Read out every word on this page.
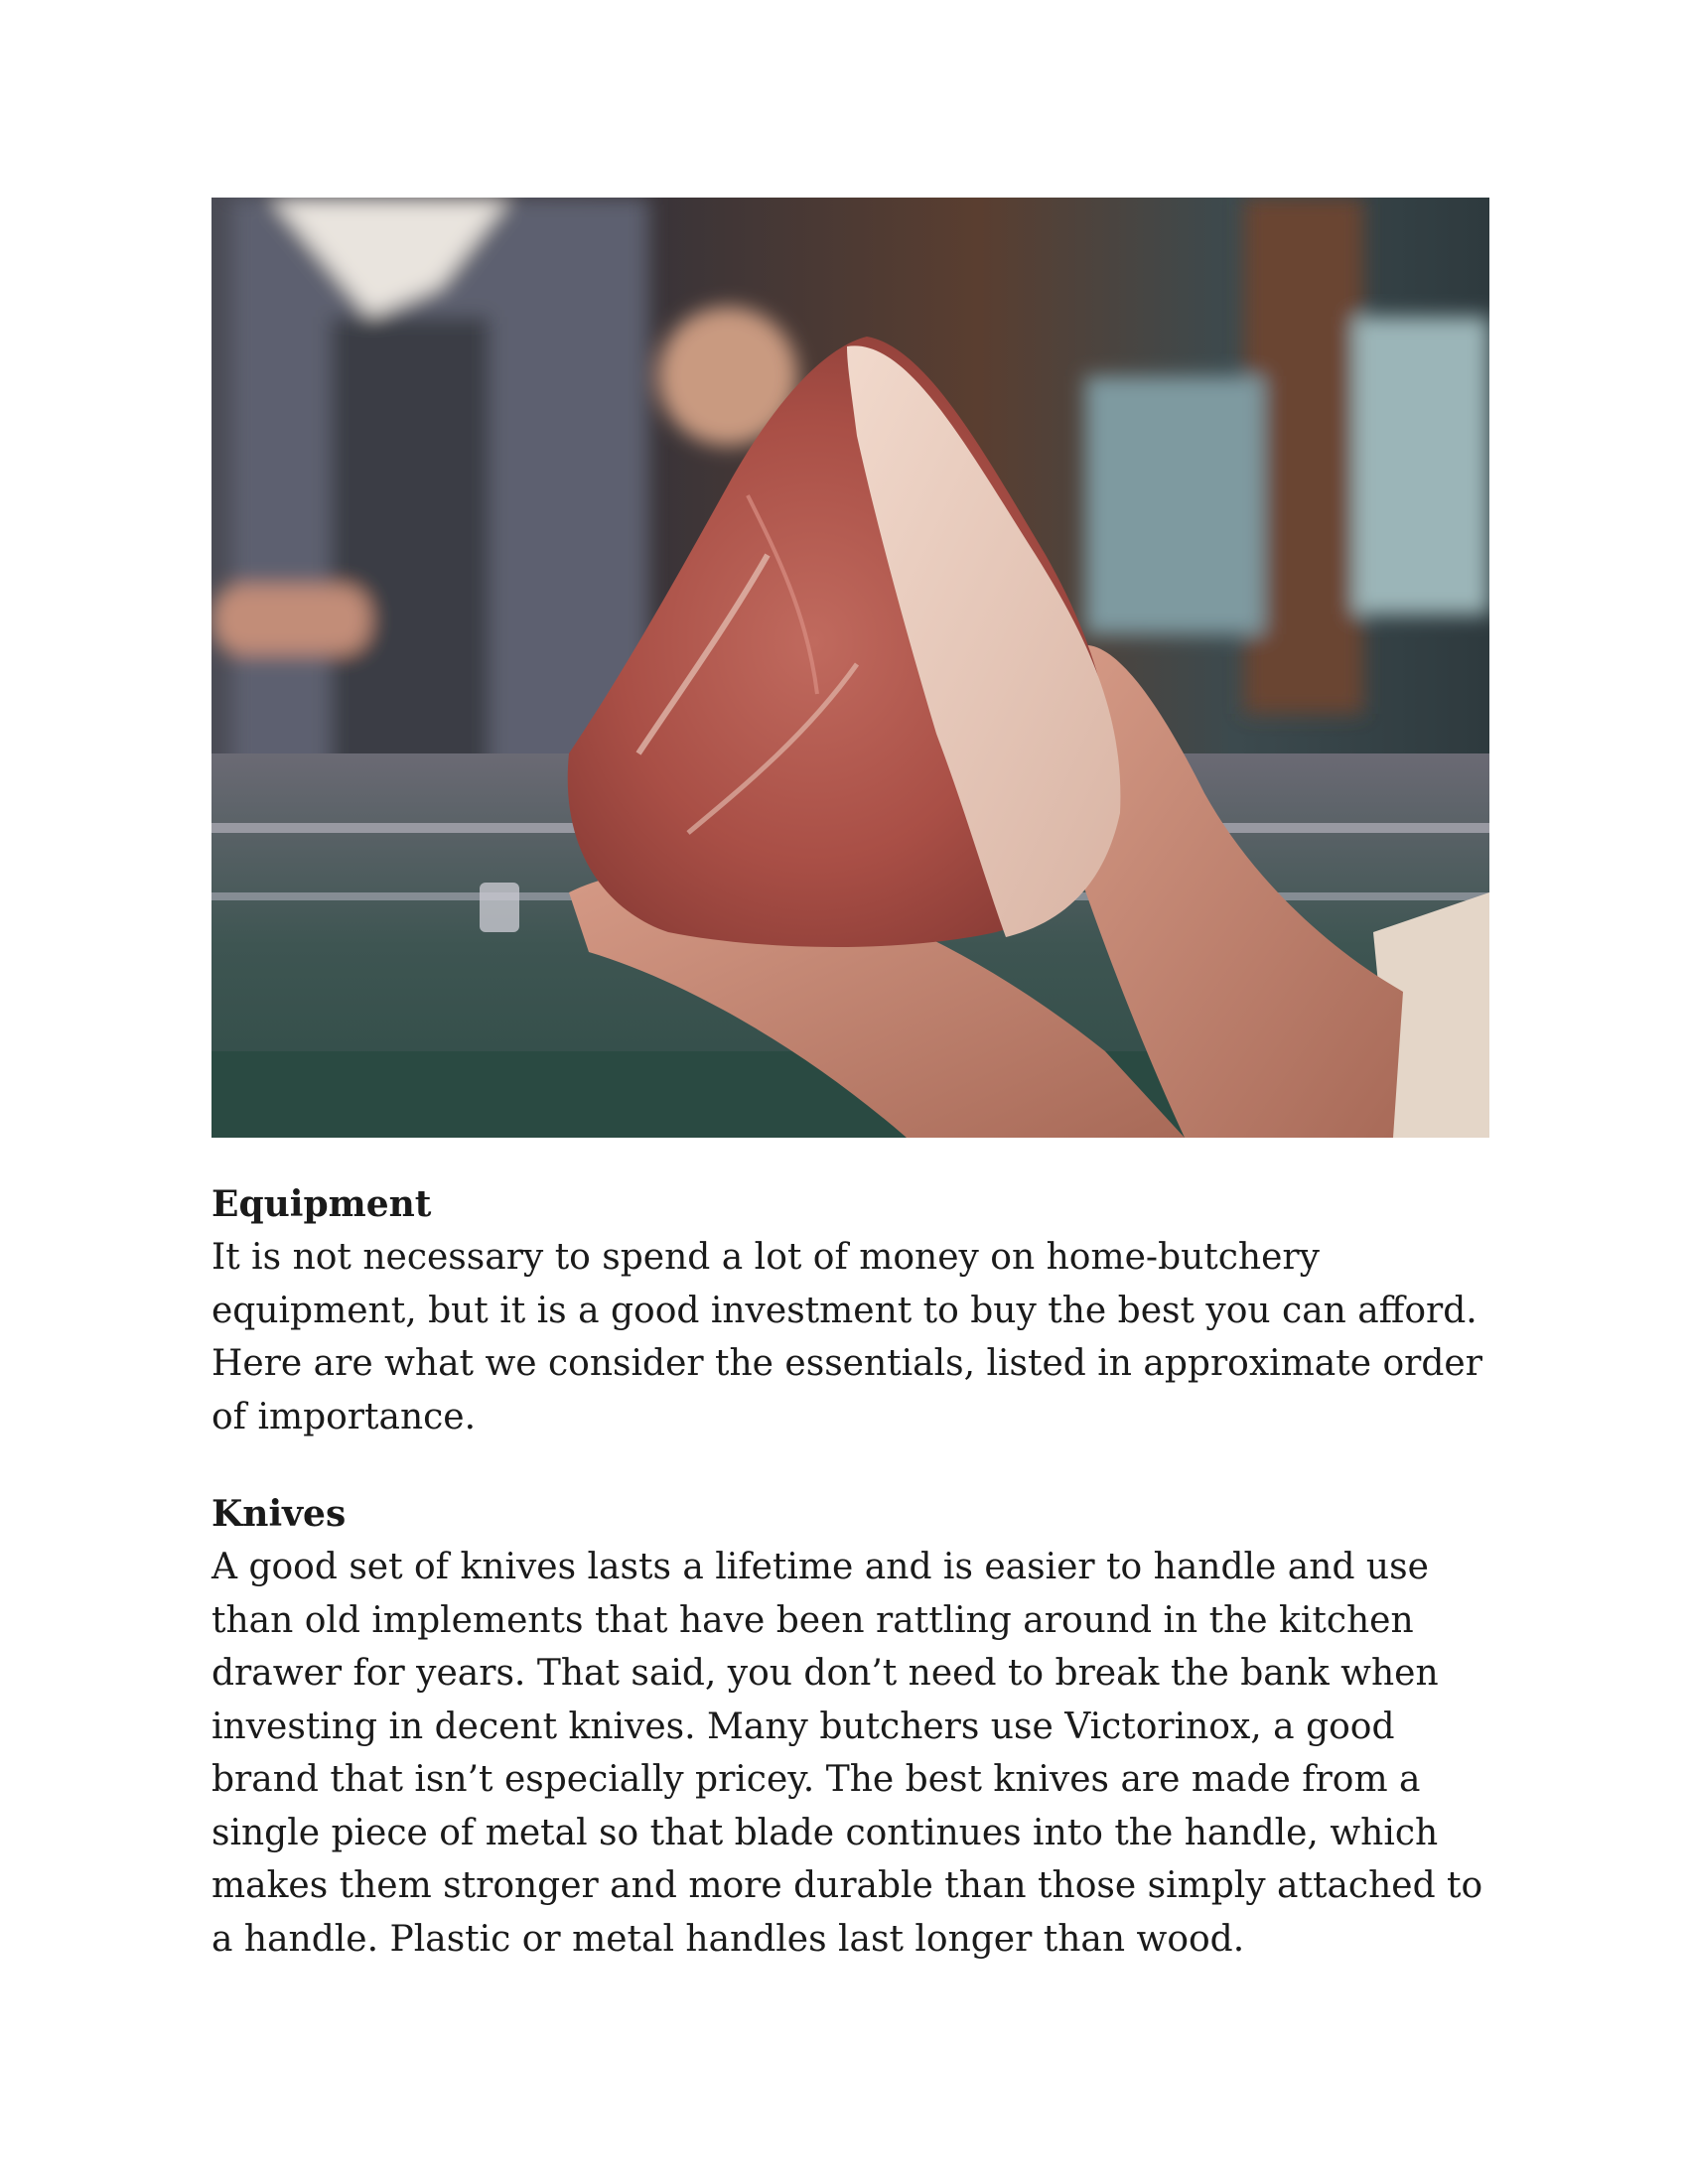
Equipment

It is not necessary to spend a lot of money on home-butchery
equipment, but it is a good investment to buy the best you can afford.
Here are what we consider the essentials, listed in approximate order
of importance.

Knives

A good set of knives lasts a lifetime and is easier to handle and use
than old implements that have been rattling around in the kitchen
drawer for years. That said, you don’t need to break the bank when
investing in decent knives. Many butchers use Victorinox, a good
brand that isn’t especially pricey. The best knives are made from a
single piece of metal so that blade continues into the handle, which
makes them stronger and more durable than those simply attached to
a handle. Plastic or metal handles last longer than wood.
